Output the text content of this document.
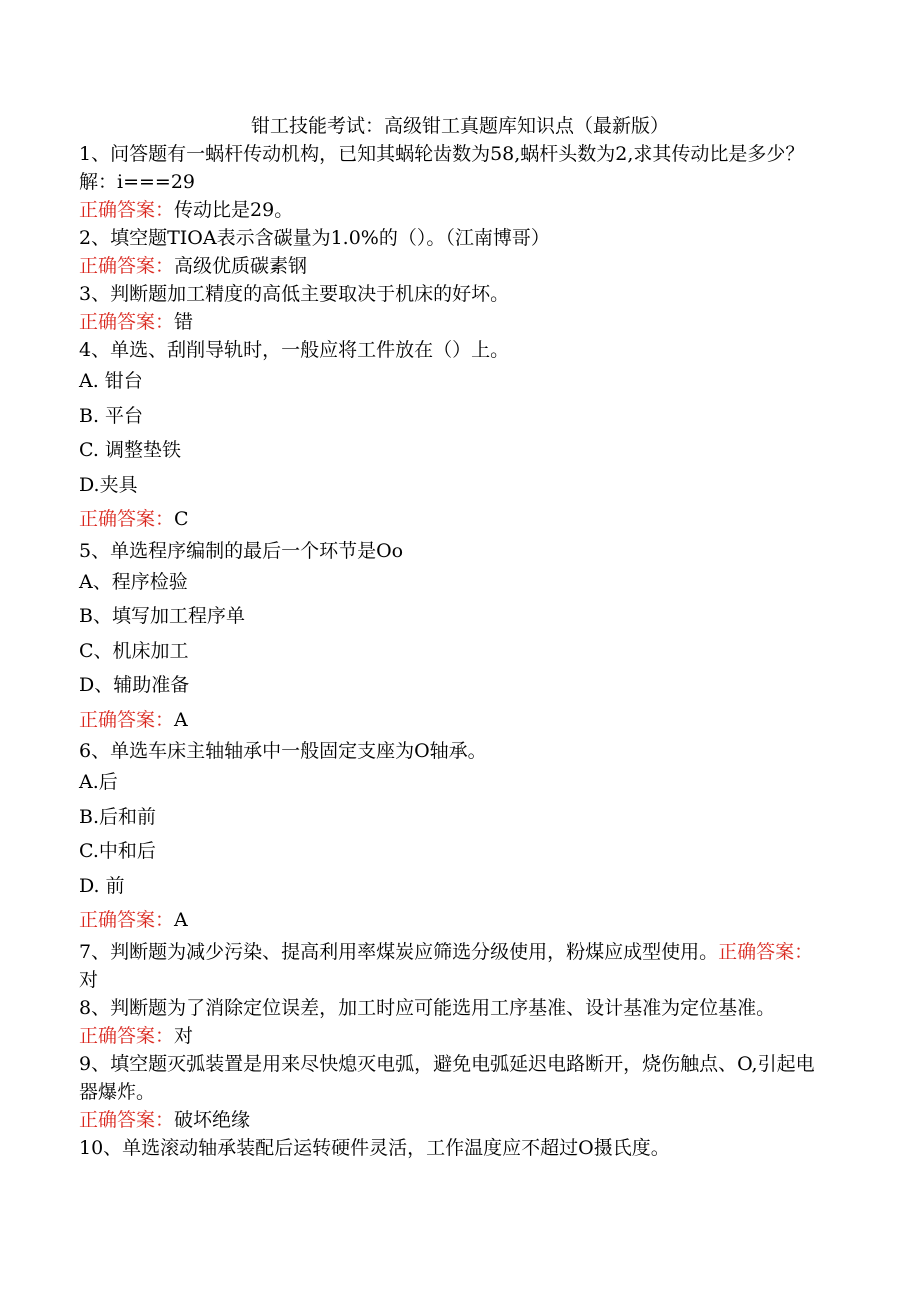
钳工技能考试：高级钳工真题库知识点（最新版）
1、问答题有一蜗杆传动机构，已知其蜗轮齿数为58,蜗杆头数为2,求其传动比是多少？解：i===29
正确答案：传动比是29。
2、填空题TIOA表示含碳量为1.0%的（）。（江南博哥）
正确答案：高级优质碳素钢
3、判断题加工精度的高低主要取决于机床的好坏。
正确答案：错
4、单选、刮削导轨时，一般应将工件放在（）上。
A. 钳台
B. 平台
C. 调整垫铁
D.夹具
正确答案：C
5、单选程序编制的最后一个环节是Oo
A、程序检验
B、填写加工程序单
C、机床加工
D、辅助准备
正确答案：A
6、单选车床主轴轴承中一般固定支座为O轴承。
A.后
B.后和前
C.中和后
D. 前
正确答案：A
7、判断题为减少污染、提高利用率煤炭应筛选分级使用，粉煤应成型使用。正确答案：对
8、判断题为了消除定位误差，加工时应可能选用工序基准、设计基准为定位基准。
正确答案：对
9、填空题灭弧装置是用来尽快熄灭电弧，避免电弧延迟电路断开，烧伤触点、O,引起电器爆炸。
正确答案：破坏绝缘
10、单选滚动轴承装配后运转硬件灵活，工作温度应不超过O摄氏度。
